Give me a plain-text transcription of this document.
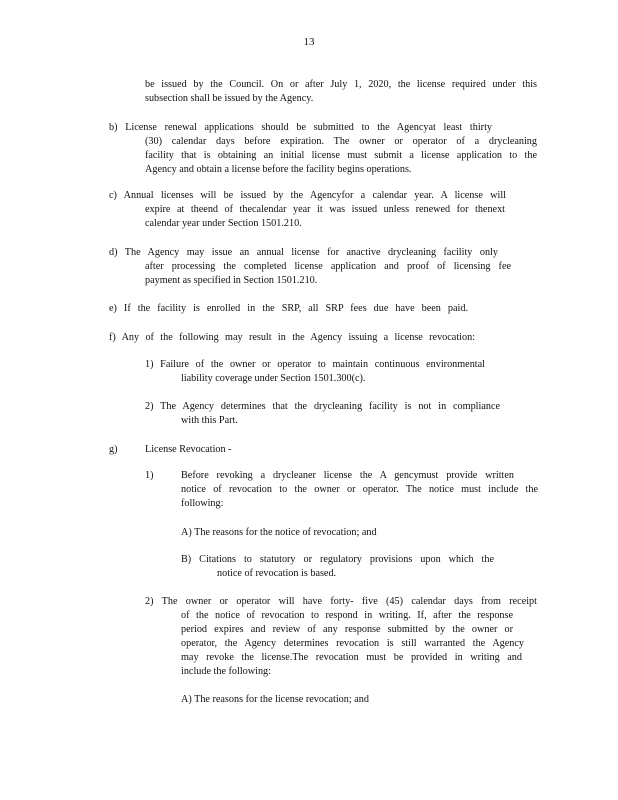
13
be issued by the Council. On or after July 1, 2020, the license required under this
subsection shall be issued by the Agency.
b) License renewal applications should be submitted to the Agencyat least thirty
(30) calendar days before expiration. The owner or operator of a drycleaning
facility that is obtaining an initial license must submit a license application to the
Agency and obtain a license before the facility begins operations.
c) Annual licenses will be issued by the Agencyfor a calendar year. A license will
expire at theend of thecalendar year it was issued unless renewed for thenext
calendar year under Section 1501.210.
d) The Agency may issue an annual license for anactive drycleaning facility only
after processing the completed license application and proof of licensing fee
payment as specified in Section 1501.210.
e) If the facility is enrolled in the SRP, all SRP fees due have been paid.
f) Any of the following may result in the Agency issuing a license revocation:
1) Failure of the owner or operator to maintain continuous environmental
liability coverage under Section 1501.300(c).
2) The Agency determines that the drycleaning facility is not in compliance
with this Part.
g)	License Revocation -
1)	Before revoking a drycleaner license the A gencymust provide written
notice of revocation to the owner or operator. The notice must include the
following:
A) The reasons for the notice of revocation; and
B) Citations to statutory or regulatory provisions upon which the
notice of revocation is based.
2) The owner or operator will have forty- five (45) calendar days from receipt
of the notice of revocation to respond in writing. If, after the response
period expires and review of any response submitted by the owner or
operator, the Agency determines revocation is still warranted the Agency
may revoke the license.The revocation must be provided in writing and
include the following:
A) The reasons for the license revocation; and
